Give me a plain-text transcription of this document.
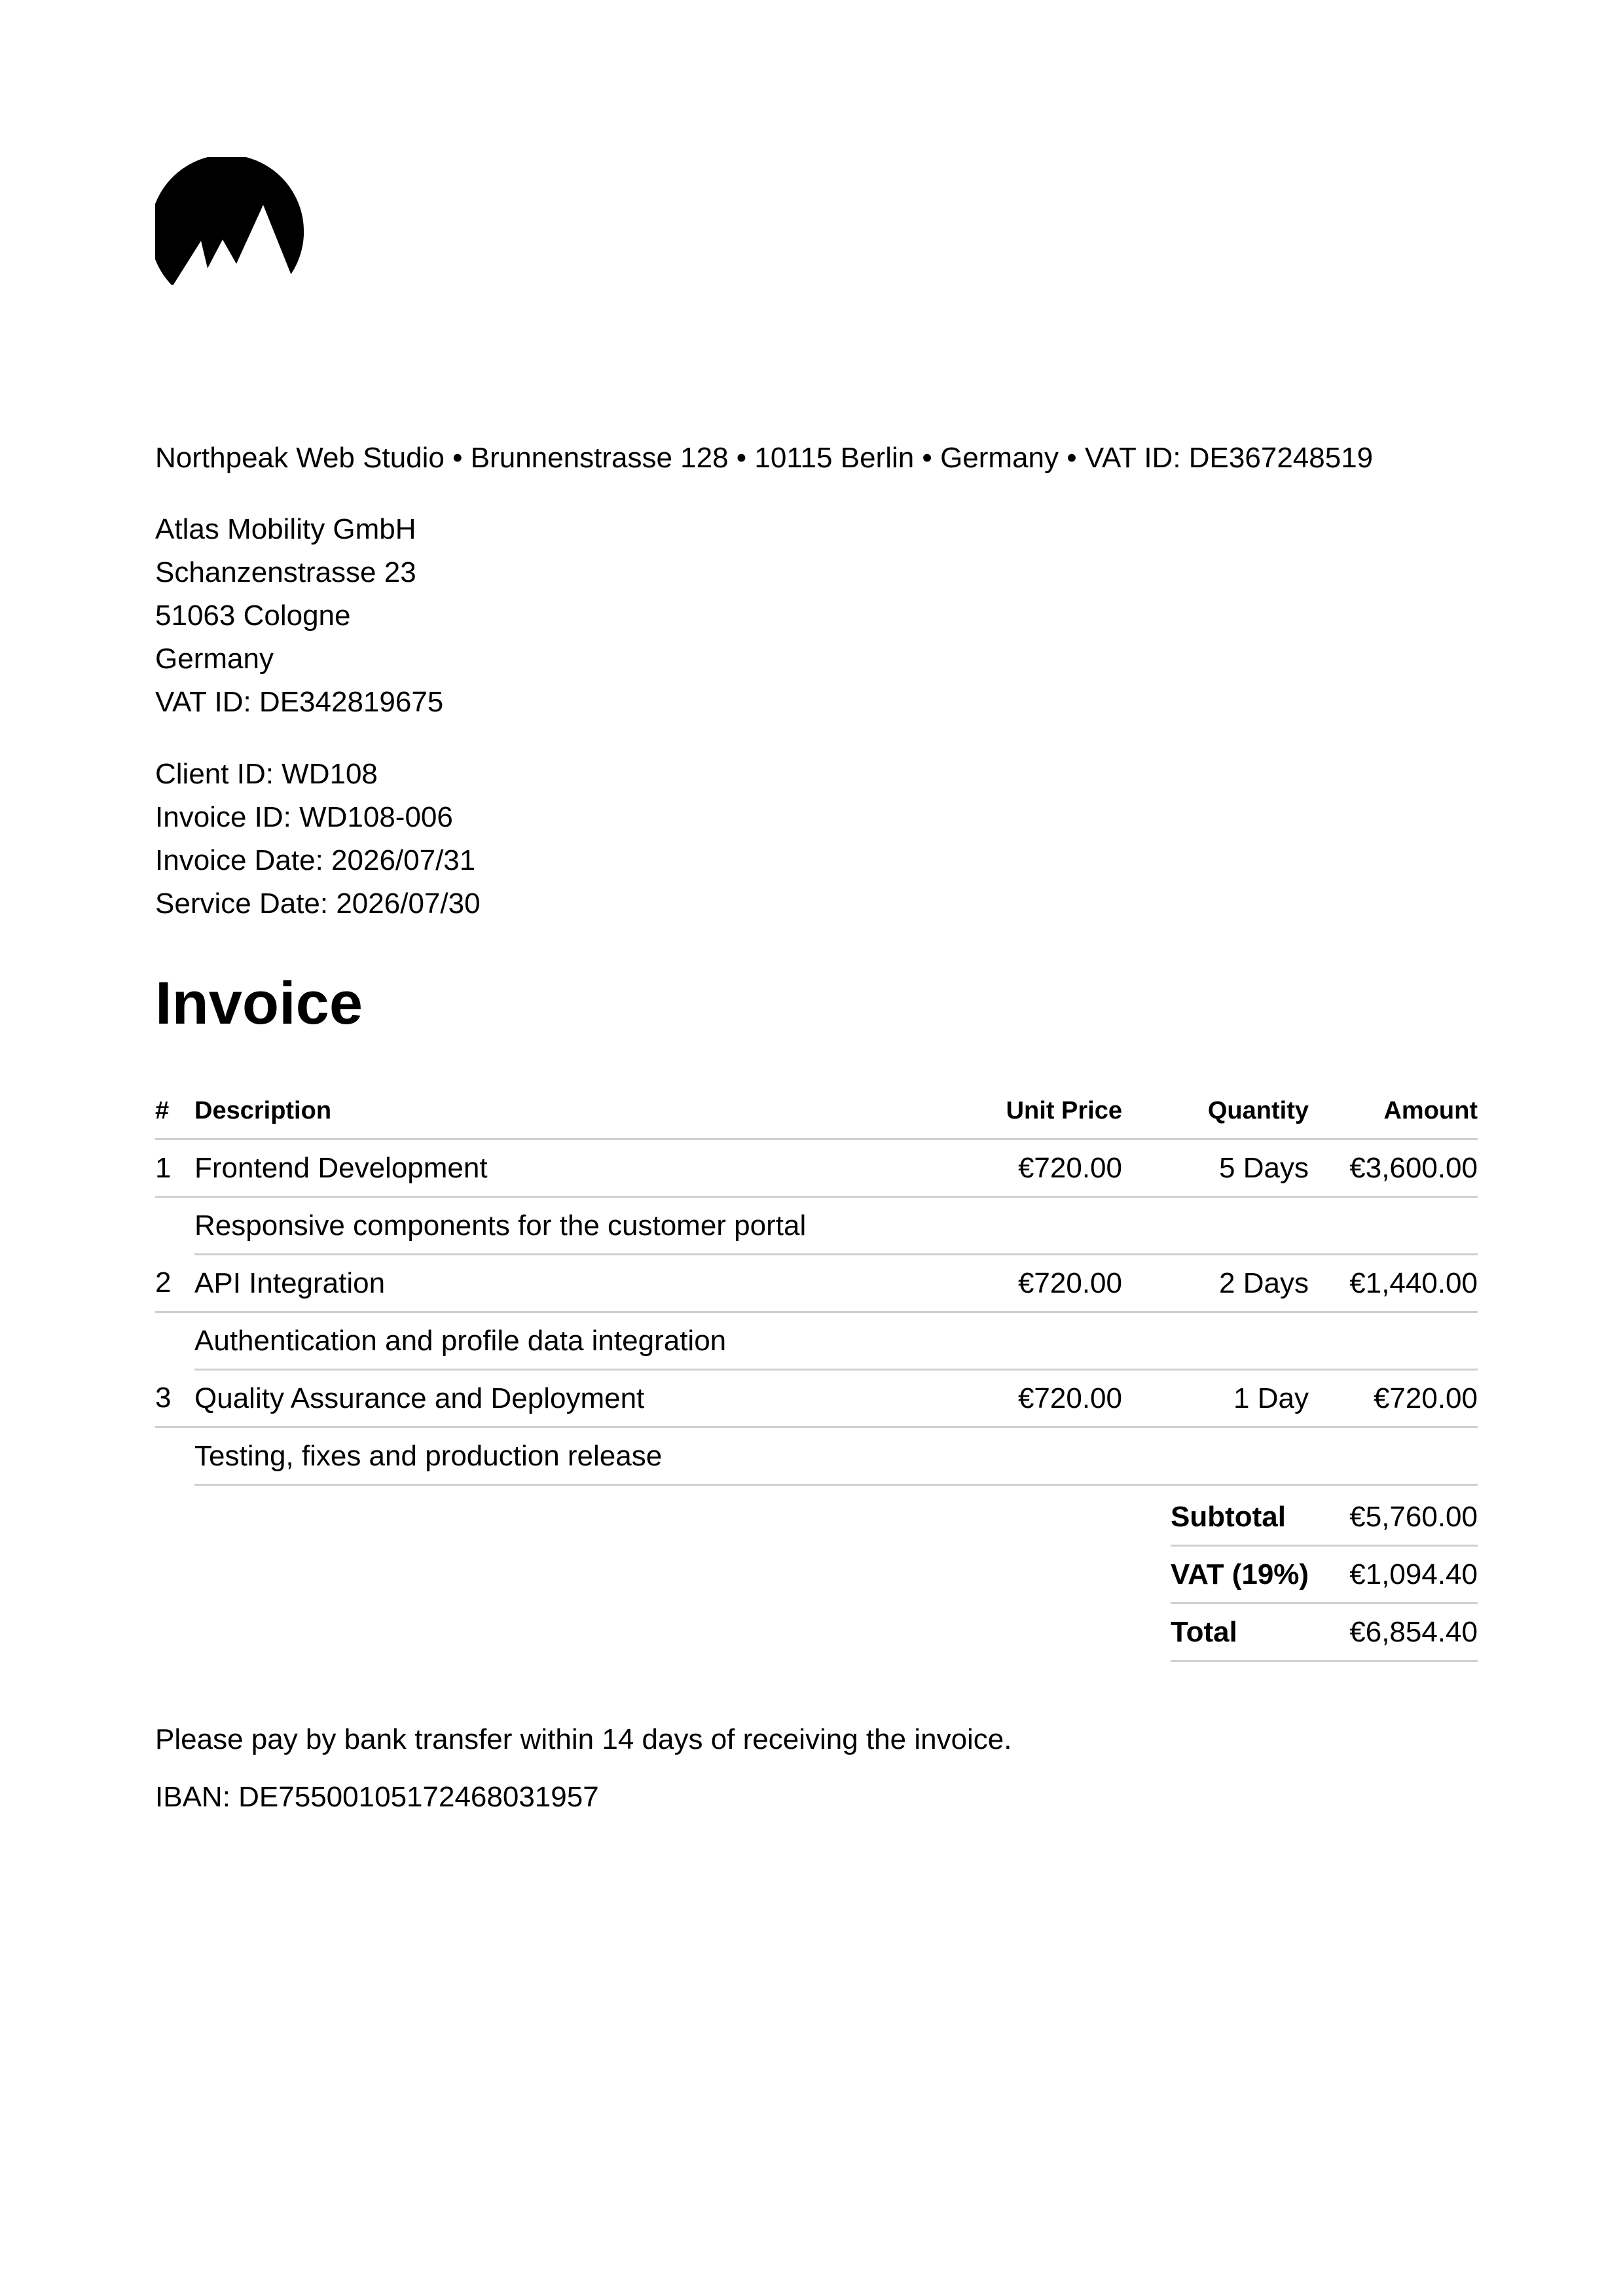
Northpeak Web Studio • Brunnenstrasse 128 • 10115 Berlin • Germany • VAT ID: DE367248519
Atlas Mobility GmbH
Schanzenstrasse 23
51063 Cologne
Germany
VAT ID: DE342819675
Client ID: WD108
Invoice ID: WD108-006
Invoice Date: 2026/07/31
Service Date: 2026/07/30
Invoice
#	Description	Unit Price	Quantity	Amount
1	Frontend Development	€720.00	5 Days	€3,600.00
	Responsive components for the customer portal			
2	API Integration	€720.00	2 Days	€1,440.00
	Authentication and profile data integration			
3	Quality Assurance and Deployment	€720.00	1 Day	€720.00
	Testing, fixes and production release			
Subtotal	€5,760.00
VAT (19%)	€1,094.40
Total	€6,854.40
Please pay by bank transfer within 14 days of receiving the invoice.
IBAN: DE75500105172468031957
